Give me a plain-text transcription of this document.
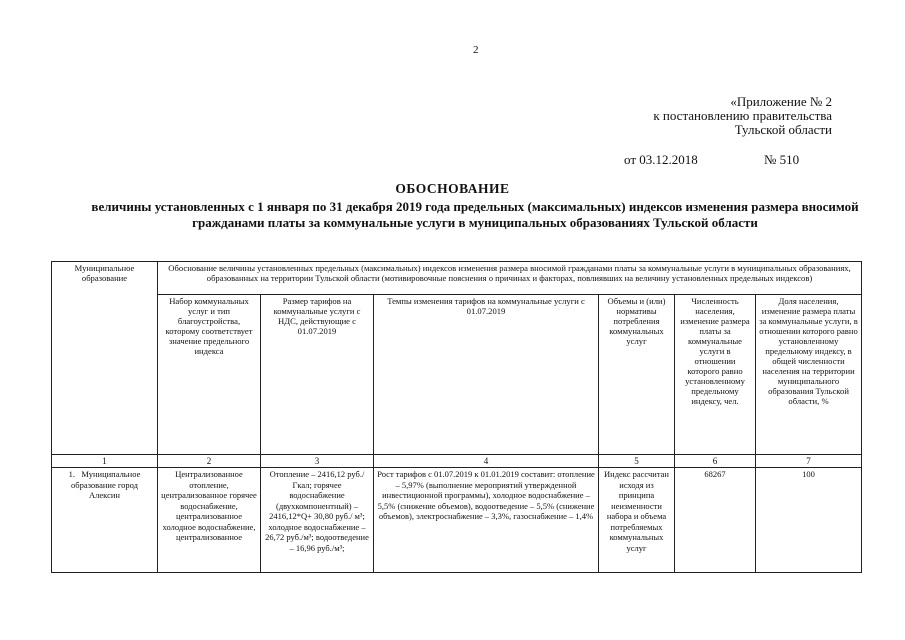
2
«Приложение № 2
к постановлению правительства
Тульской области
от 03.12.2018	№ 510
ОБОСНОВАНИЕ
величины установленных с 1 января по 31 декабря 2019 года предельных (максимальных) индексов изменения размера вносимой гражданами платы за коммунальные услуги в муниципальных образованиях Тульской области
Муниципальное образование	Обоснование величины установленных предельных (максимальных) индексов изменения размера вносимой гражданами платы за коммунальные услуги в муниципальных образованиях, образованных на территории Тульской области (мотивировочные пояснения о причинах и факторах, повлиявших на величину установленных предельных индексов)					

	Набор коммунальных услуг и тип благоустройства, которому соответствует значение предельного индекса	Размер тарифов на коммунальные услуги с НДС, действующие с 01.07.2019	Темпы изменения тарифов на коммунальные услуги с 01.07.2019	Объемы и (или) нормативы потребления коммунальных услуг	Численность населения, изменение размера платы за коммунальные услуги в отношении которого равно установленному предельному индексу, чел.	Доля населения, изменение размера платы за коммунальные услуги, в отношении которого равно установленному предельному индексу, в общей численности населения на территории муниципального образования Тульской области, %
1	2	3	4	5	6	7
1.   Муниципальное образование город Алексин	Централизованное отопление, централизованное горячее водоснабжение, централизованное холодное водоснабжение, централизованное	Отопление – 2416,12 руб./Гкал; горячее водоснабжение (двухкомпонентный) – 2416,12*Q+ 30,80 руб./ м³; холодное водоснабжение – 26,72 руб./м³; водоотведение – 16,96 руб./м³;	Рост тарифов с 01.07.2019 к 01.01.2019 составит: отопление – 5,97% (выполнение мероприятий утвержденной инвестиционной программы), холодное водоснабжение – 5,5% (снижение объемов), водоотведение – 5,5% (снижение объемов), электроснабжение – 3,3%, газоснабжение – 1,4%	Индекс рассчитан исходя из принципа неизменности набора и объема потребляемых коммунальных услуг	68267	100
